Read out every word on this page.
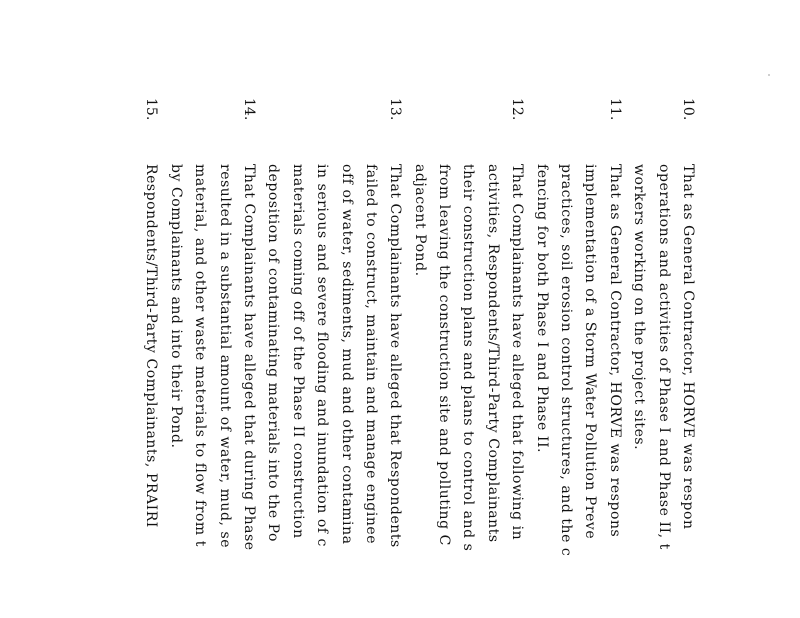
10.
That as General Contractor, HORVE was respon
operations and activities of Phase I and Phase II, t
workers working on the project sites.
11.
That as General Contractor, HORVE was respons
implementation of a Storm Water Pollution Preve
practices, soil erosion control structures, and the c
fencing for both Phase I and Phase II.
12.
That Complainants have alleged that following in
activities, Respondents/Third-Party Complainants
their construction plans and plans to control and s
from leaving the construction site and polluting C
adjacent Pond.
13.
That Complainants have alleged that Respondents
failed to construct, maintain and manage enginee
off of water, sediments, mud and other contamina
in serious and severe flooding and inundation of c
materials coming off of the Phase II construction
deposition of contaminating materials into the Po
14.
That Complainants have alleged that during Phase
resulted in a substantial amount of water, mud, se
material, and other waste materials to flow from t
by Complainants and into their Pond.
15.
Respondents/Third-Party Complainants, PRAIRI
